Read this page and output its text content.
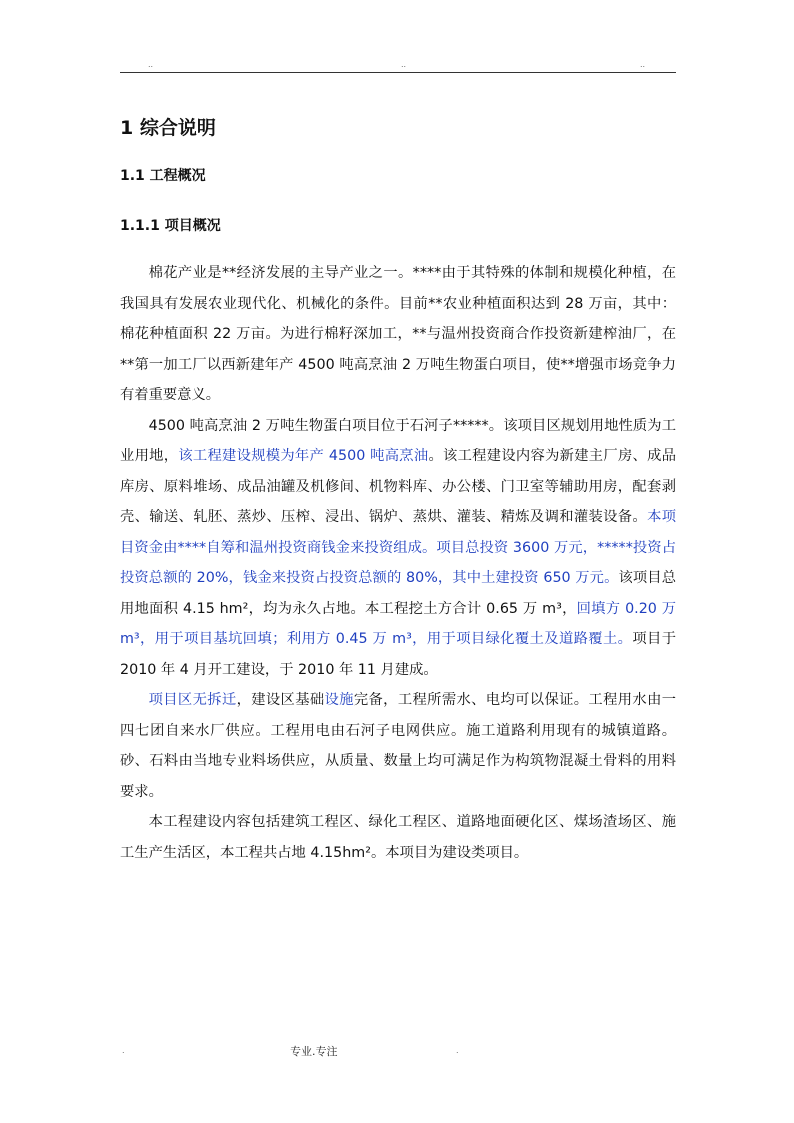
..	..	..
1 综合说明
1.1 工程概况
1.1.1 项目概况

棉花产业是**经济发展的主导产业之一。****由于其特殊的体制和规模化种植，在我国具有发展农业现代化、机械化的条件。目前**农业种植面积达到 28 万亩，其中：棉花种植面积 22 万亩。为进行棉籽深加工，**与温州投资商合作投资新建榨油厂，在**第一加工厂以西新建年产 4500 吨高烹油 2 万吨生物蛋白项目，使**增强市场竞争力有着重要意义。

4500 吨高烹油 2 万吨生物蛋白项目位于石河子*****。该项目区规划用地性质为工业用地，该工程建设规模为年产 4500 吨高烹油。该工程建设内容为新建主厂房、成品库房、原料堆场、成品油罐及机修间、机物料库、办公楼、门卫室等辅助用房，配套剥壳、输送、轧胚、蒸炒、压榨、浸出、锅炉、蒸烘、灌装、精炼及调和灌装设备。本项目资金由****自筹和温州投资商钱金来投资组成。项目总投资 3600 万元，*****投资占投资总额的 20%，钱金来投资占投资总额的 80%，其中土建投资 650 万元。该项目总用地面积 4.15 hm²，均为永久占地。本工程挖土方合计 0.65 万 m³，回填方 0.20 万 m³，用于项目基坑回填；利用方 0.45 万 m³，用于项目绿化覆土及道路覆土。项目于 2010 年 4 月开工建设，于 2010 年 11 月建成。

项目区无拆迁，建设区基础设施完备，工程所需水、电均可以保证。工程用水由一四七团自来水厂供应。工程用电由石河子电网供应。施工道路利用现有的城镇道路。砂、石料由当地专业料场供应，从质量、数量上均可满足作为构筑物混凝土骨料的用料要求。

本工程建设内容包括建筑工程区、绿化工程区、道路地面硬化区、煤场渣场区、施工生产生活区，本工程共占地 4.15hm²。本项目为建设类项目。

.	专业.专注	.
